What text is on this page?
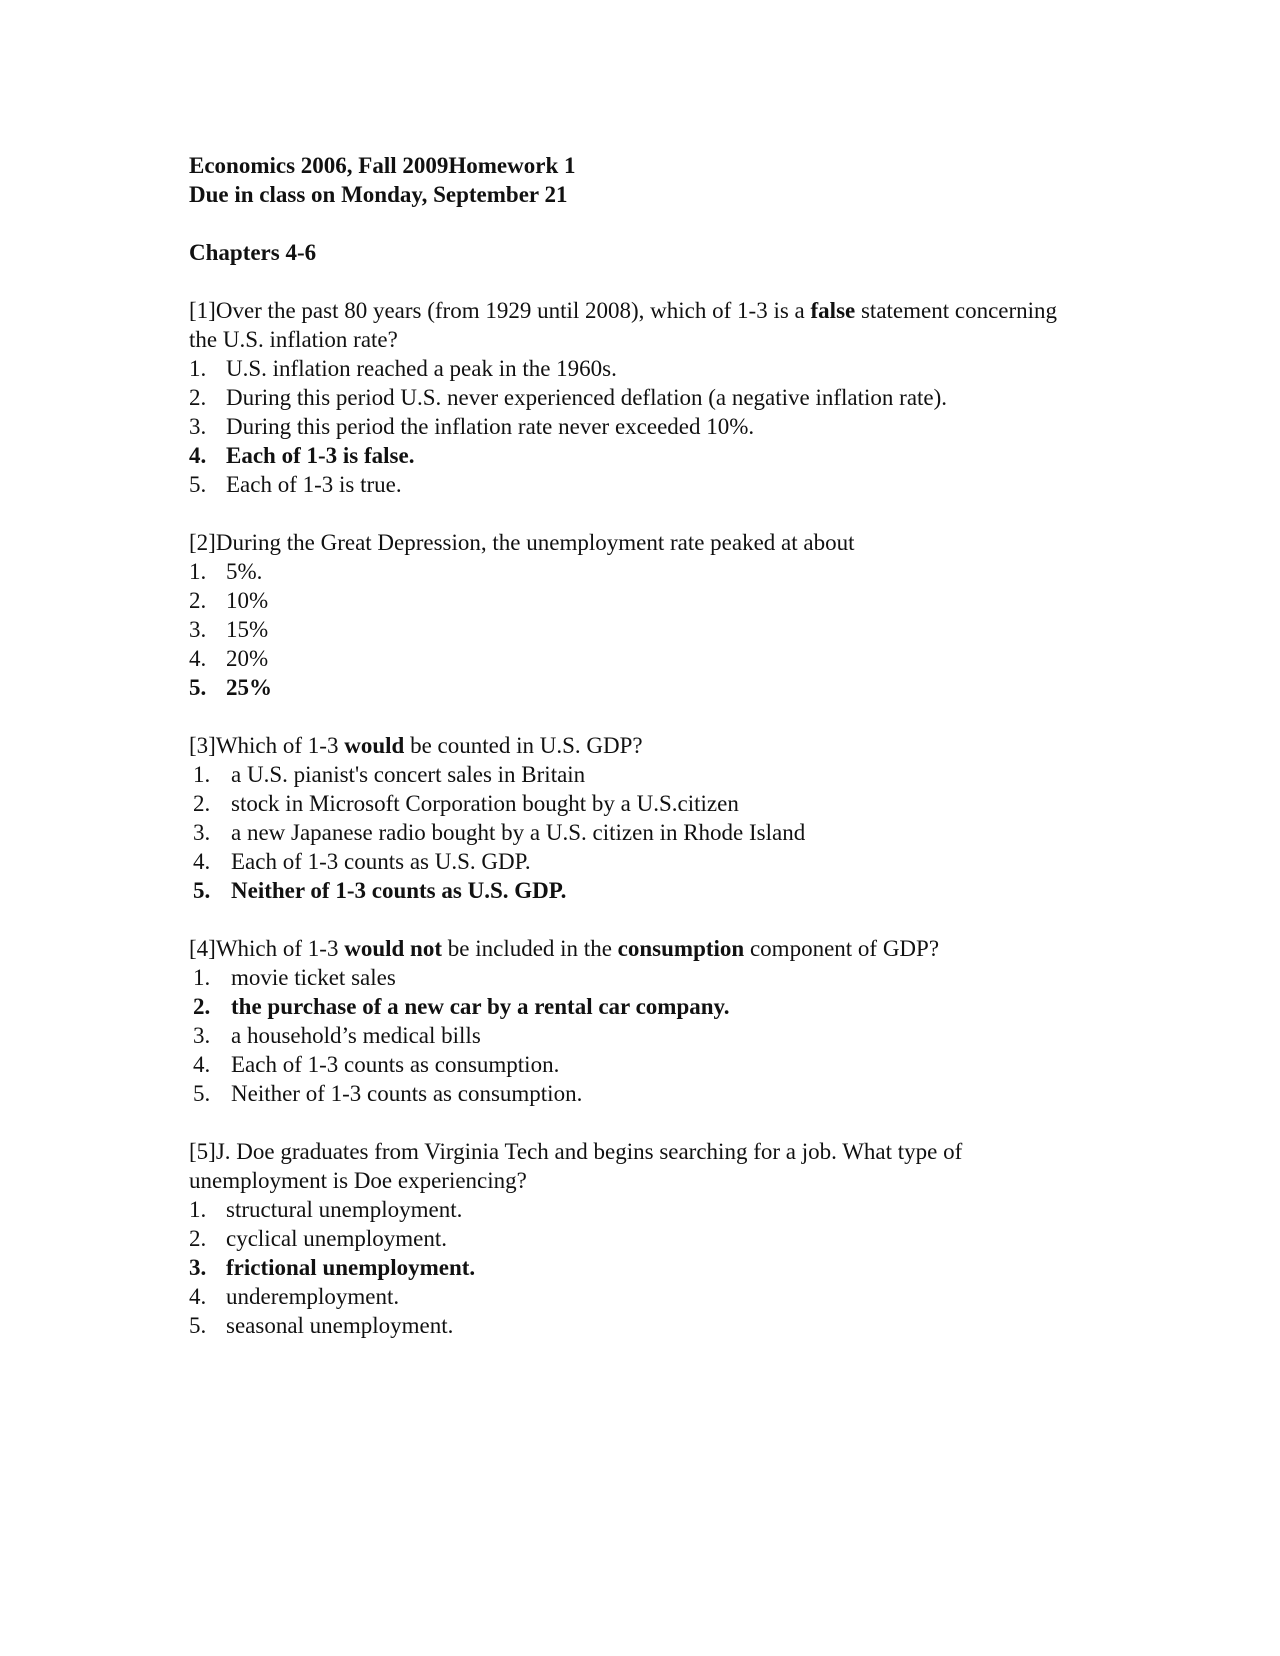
Economics 2006, Fall 2009Homework 1

Due in class on Monday, September 21

Chapters 4-6

[1]Over the past 80 years (from 1929 until 2008), which of 1-3 is a false statement concerning the U.S. inflation rate?

1. U.S. inflation reached a peak in the 1960s.
2. During this period U.S. never experienced deflation (a negative inflation rate).
3. During this period the inflation rate never exceeded 10%.
4. Each of 1-3 is false.
5. Each of 1-3 is true.

[2]During the Great Depression, the unemployment rate peaked at about

1. 5%.
2. 10%
3. 15%
4. 20%
5. 25%

[3]Which of 1-3 would be counted in U.S. GDP?

1. a U.S. pianist's concert sales in Britain
2. stock in Microsoft Corporation bought by a U.S.citizen
3. a new Japanese radio bought by a U.S. citizen in Rhode Island
4. Each of 1-3 counts as U.S. GDP.
5. Neither of 1-3 counts as U.S. GDP.

[4]Which of 1-3 would not be included in the consumption component of GDP?

1. movie ticket sales
2. the purchase of a new car by a rental car company.
3. a household’s medical bills
4. Each of 1-3 counts as consumption.
5. Neither of 1-3 counts as consumption.

[5]J. Doe graduates from Virginia Tech and begins searching for a job. What type of unemployment is Doe experiencing?

1. structural unemployment.
2. cyclical unemployment.
3. frictional unemployment.
4. underemployment.
5. seasonal unemployment.
